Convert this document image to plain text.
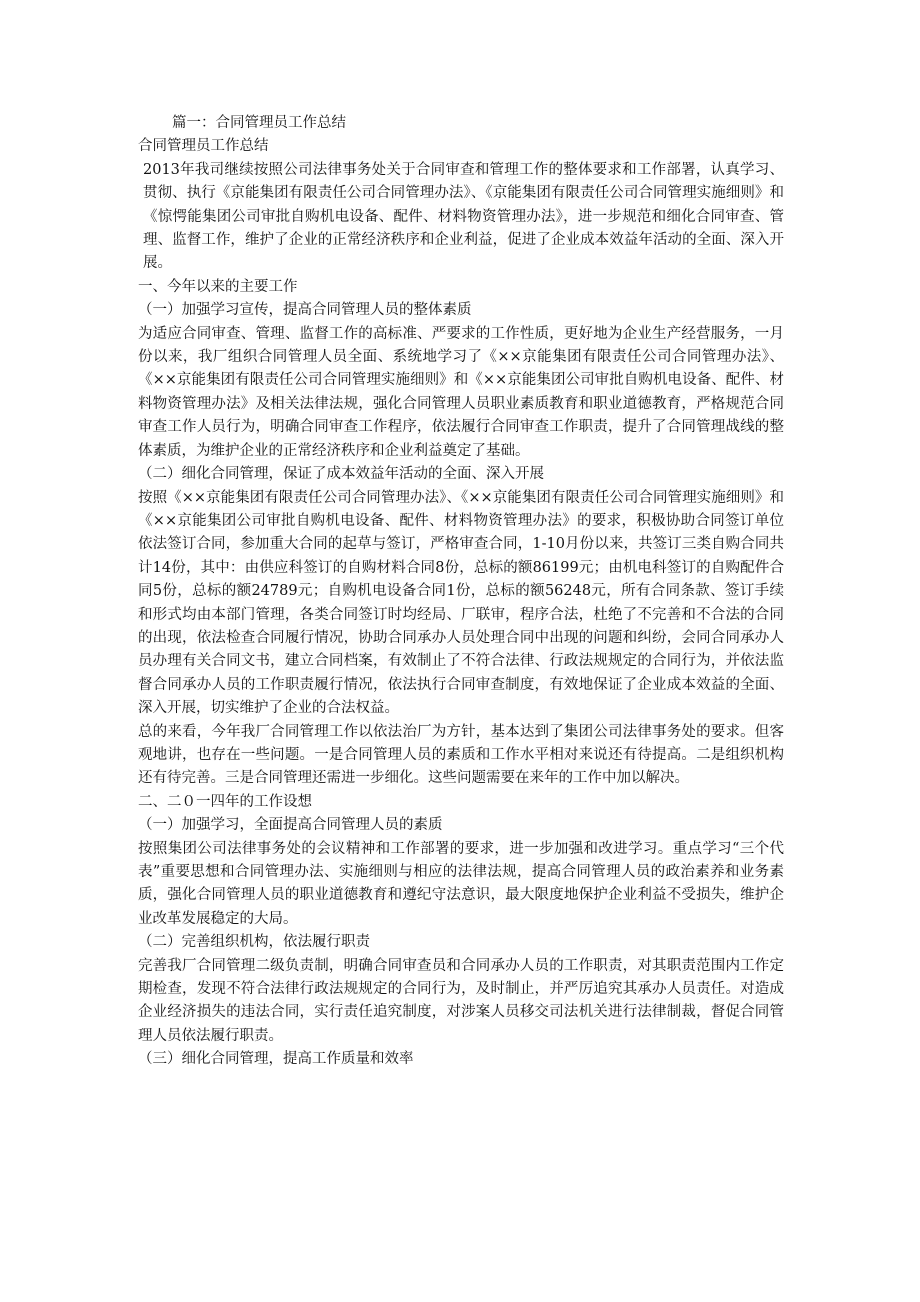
篇一：合同管理员工作总结

合同管理员工作总结

2013年我司继续按照公司法律事务处关于合同审查和管理工作的整体要求和工作部署，认真学习、贯彻、执行《京能集团有限责任公司合同管理办法》、《京能集团有限责任公司合同管理实施细则》和《惊愕能集团公司审批自购机电设备、配件、材料物资管理办法》，进一步规范和细化合同审查、管理、监督工作，维护了企业的正常经济秩序和企业利益，促进了企业成本效益年活动的全面、深入开展。

一、今年以来的主要工作

（一）加强学习宣传，提高合同管理人员的整体素质

为适应合同审查、管理、监督工作的高标准、严要求的工作性质，更好地为企业生产经营服务，一月份以来，我厂组织合同管理人员全面、系统地学习了《××京能集团有限责任公司合同管理办法》、《××京能集团有限责任公司合同管理实施细则》和《××京能集团公司审批自购机电设备、配件、材料物资管理办法》及相关法律法规，强化合同管理人员职业素质教育和职业道德教育，严格规范合同审查工作人员行为，明确合同审查工作程序，依法履行合同审查工作职责，提升了合同管理战线的整体素质，为维护企业的正常经济秩序和企业利益奠定了基础。

（二）细化合同管理，保证了成本效益年活动的全面、深入开展

按照《××京能集团有限责任公司合同管理办法》、《××京能集团有限责任公司合同管理实施细则》和《××京能集团公司审批自购机电设备、配件、材料物资管理办法》的要求，积极协助合同签订单位依法签订合同，参加重大合同的起草与签订，严格审查合同，1-10月份以来，共签订三类自购合同共计14份，其中：由供应科签订的自购材料合同8份，总标的额86199元；由机电科签订的自购配件合同5份，总标的额24789元；自购机电设备合同1份，总标的额56248元，所有合同条款、签订手续和形式均由本部门管理，各类合同签订时均经局、厂联审，程序合法，杜绝了不完善和不合法的合同的出现，依法检查合同履行情况，协助合同承办人员处理合同中出现的问题和纠纷，会同合同承办人员办理有关合同文书，建立合同档案，有效制止了不符合法律、行政法规规定的合同行为，并依法监督合同承办人员的工作职责履行情况，依法执行合同审查制度，有效地保证了企业成本效益的全面、深入开展，切实维护了企业的合法权益。

总的来看，今年我厂合同管理工作以依法治厂为方针，基本达到了集团公司法律事务处的要求。但客观地讲，也存在一些问题。一是合同管理人员的素质和工作水平相对来说还有待提高。二是组织机构还有待完善。三是合同管理还需进一步细化。这些问题需要在来年的工作中加以解决。

二、二０一四年的工作设想

（一）加强学习，全面提高合同管理人员的素质

按照集团公司法律事务处的会议精神和工作部署的要求，进一步加强和改进学习。重点学习“三个代表”重要思想和合同管理办法、实施细则与相应的法律法规，提高合同管理人员的政治素养和业务素质，强化合同管理人员的职业道德教育和遵纪守法意识，最大限度地保护企业利益不受损失，维护企业改革发展稳定的大局。

（二）完善组织机构，依法履行职责

完善我厂合同管理二级负责制，明确合同审查员和合同承办人员的工作职责，对其职责范围内工作定期检查，发现不符合法律行政法规规定的合同行为，及时制止，并严厉追究其承办人员责任。对造成企业经济损失的违法合同，实行责任追究制度，对涉案人员移交司法机关进行法律制裁，督促合同管理人员依法履行职责。

（三）细化合同管理，提高工作质量和效率
